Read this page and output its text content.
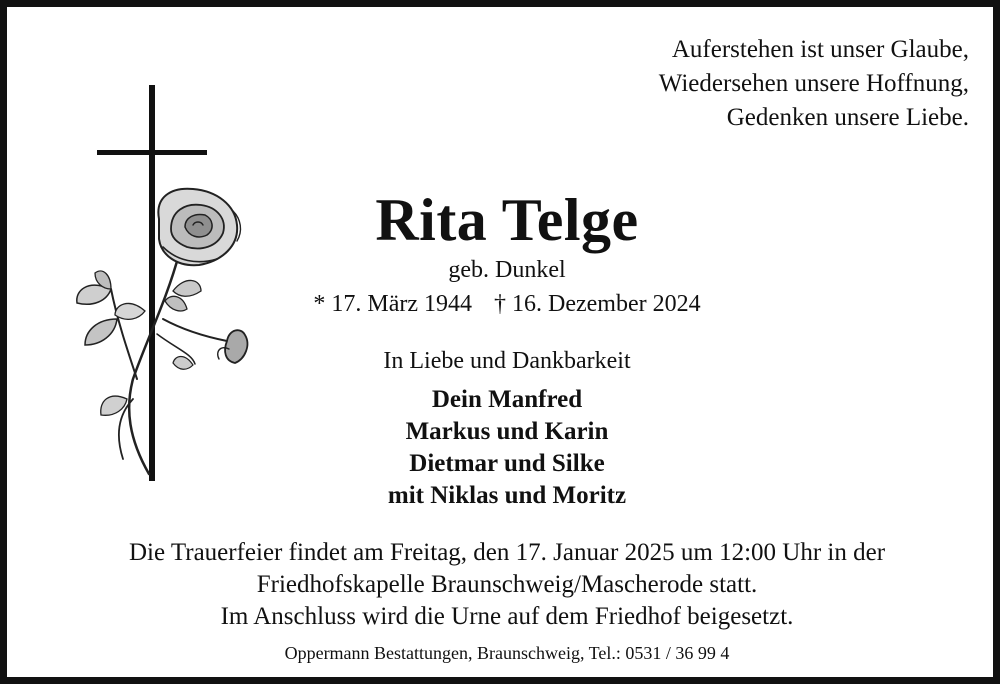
Auferstehen ist unser Glaube,
Wiedersehen unsere Hoffnung,
Gedenken unsere Liebe.
Rita Telge
geb. Dunkel
* 17. März 1944 † 16. Dezember 2024
In Liebe und Dankbarkeit
Dein Manfred
Markus und Karin
Dietmar und Silke
mit Niklas und Moritz
Die Trauerfeier findet am Freitag, den 17. Januar 2025 um 12:00 Uhr in der
Friedhofskapelle Braunschweig/Mascherode statt.
Im Anschluss wird die Urne auf dem Friedhof beigesetzt.
Oppermann Bestattungen, Braunschweig, Tel.: 0531 / 36 99 4
